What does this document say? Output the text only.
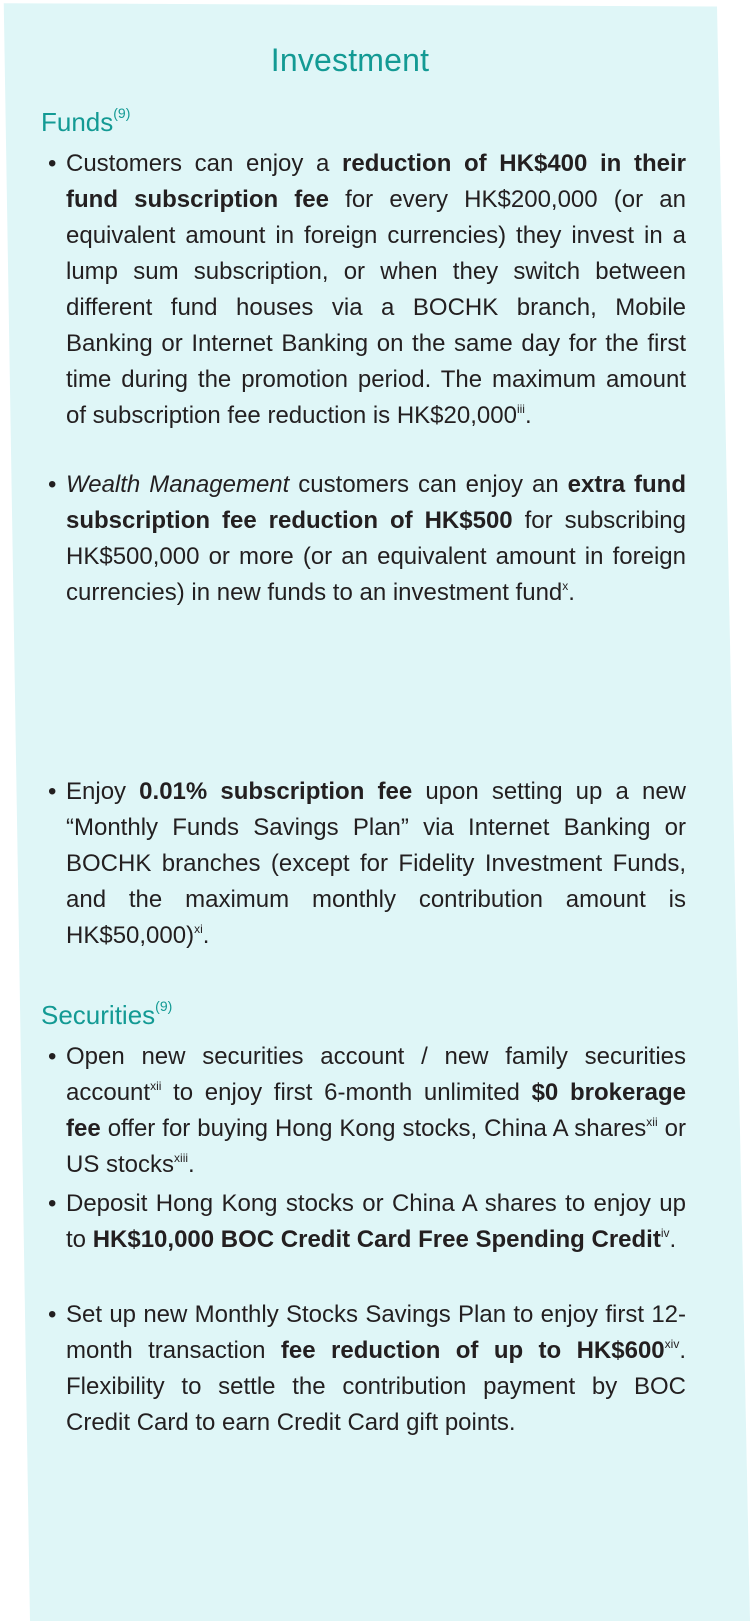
Investment
Funds$^{(9)}$
• Customers can enjoy a reduction of HK$400 in their fund subscription fee for every HK$200,000 (or an equivalent amount in foreign currencies) they invest in a lump sum subscription, or when they switch between different fund houses via a BOCHK branch, Mobile Banking or Internet Banking on the same day for the first time during the promotion period. The maximum amount of subscription fee reduction is HK$20,000$^{iii}$.
• Wealth Management customers can enjoy an extra fund subscription fee reduction of HK$500 for subscribing HK$500,000 or more (or an equivalent amount in foreign currencies) in new funds to an investment fund$^x$.
• Enjoy 0.01% subscription fee upon setting up a new “Monthly Funds Savings Plan” via Internet Banking or BOCHK branches (except for Fidelity Investment Funds, and the maximum monthly contribution amount is HK$50,000)$^{xi}$.
Securities$^{(9)}$
• Open new securities account / new family securities account$^{xii}$ to enjoy first 6-month unlimited $0 brokerage fee offer for buying Hong Kong stocks, China A shares$^{xii}$ or US stocks$^{xiii}$.
• Deposit Hong Kong stocks or China A shares to enjoy up to HK$10,000 BOC Credit Card Free Spending Credit$^{iv}$.
• Set up new Monthly Stocks Savings Plan to enjoy first 12-month transaction fee reduction of up to HK$600$^{xiv}$. Flexibility to settle the contribution payment by BOC Credit Card to earn Credit Card gift points.
